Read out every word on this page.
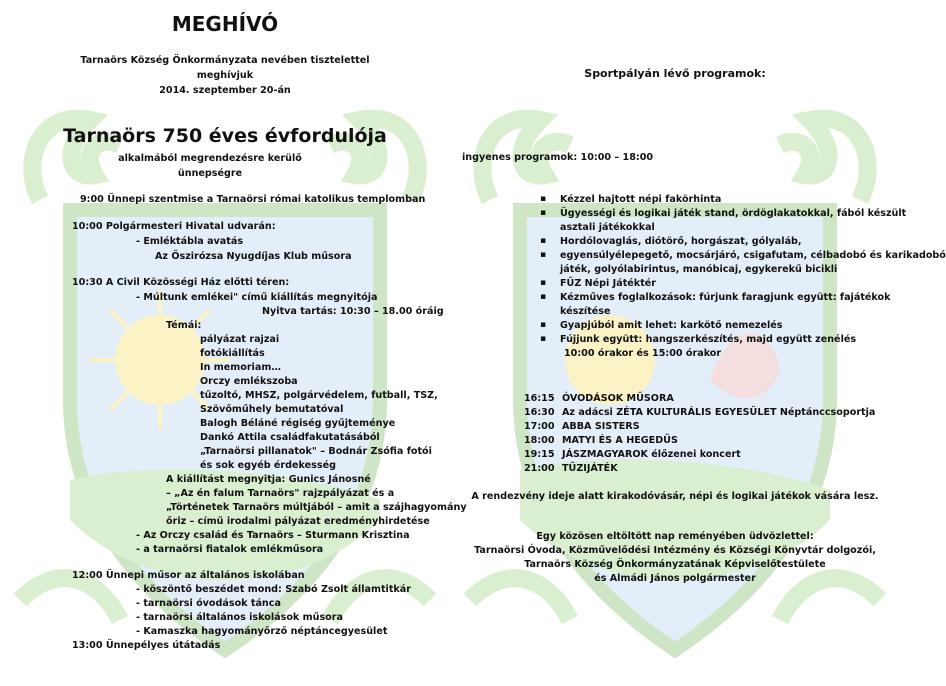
MEGHÍVÓ
Tarnaörs Község Önkormányzata nevében tisztelettel
meghívjuk
2014. szeptember 20-án
Tarnaörs 750 éves évfordulója
alkalmából megrendezésre kerülő
ünnepségre
9:00 Ünnepi szentmise a Tarnaörsi római katolikus templomban
10:00 Polgármesteri Hivatal udvarán:
- Emléktábla avatás
Az Őszirózsa Nyugdíjas Klub műsora
10:30 A Civil Közösségi Ház előtti téren:
- Múltunk emlékei" című kiállítás megnyitója
Nyitva tartás: 10:30 – 18.00 óráig
Témái:
pályázat rajzai
fotókiállítás
In memoriam…
Orczy emlékszoba
tűzoltó, MHSZ, polgárvédelem, futball, TSZ,
Szövőműhely bemutatóval
Balogh Béláné régiség gyűjteménye
Dankó Attila családfakutatásából
„Tarnaörsi pillanatok" – Bodnár Zsófia fotói
és sok egyéb érdekesség
A kiállítást megnyitja: Gunics Jánosné
– „Az én falum Tarnaörs" rajzpályázat és a
„Történetek Tarnaörs múltjából – amit a szájhagyomány
őriz – című irodalmi pályázat eredményhirdetése
- Az Orczy család és Tarnaörs – Sturmann Krisztina
- a tarnaörsi fiatalok emlékműsora
12:00 Ünnepi műsor az általános iskolában
- köszöntő beszédet mond: Szabó Zsolt államtitkár
- tarnaörsi óvodások tánca
- tarnaörsi általános iskolások műsora
- Kamaszka hagyományőrző néptáncegyesület
13:00 Ünnepélyes útátadás
Sportpályán lévő programok:
ingyenes programok: 10:00 – 18:00
▪ Kézzel hajtott népi fakörhinta
▪ Ügyességi és logikai játék stand, ördöglakatokkal, fából készült
asztali játékokkal
▪ Hordólovaglás, diótörő, horgászat, gólyaláb,
▪ egyensúlyélepegető, mocsárjáró, csigafutam, célbadobó és karikadobó
játék, golyólabirintus, manóbicaj, egykerekű bicikli
▪ FŰZ Népi Játéktér
▪ Kézműves foglalkozások: fúrjunk faragjunk együtt: fajátékok
készítése
▪ Gyapjúból amit lehet: karkötő nemezelés
▪ Fújjunk együtt: hangszerkészítés, majd együtt zenélés
10:00 órakor és 15:00 órakor
16:15 ÓVODÁSOK MŰSORA
16:30 Az adácsi ZÉTA KULTURÁLIS EGYESÜLET Néptánccsoportja
17:00 ABBA SISTERS
18:00 MATYI ÉS A HEGEDŰS
19:15 JÁSZMAGYAROK élőzenei koncert
21:00 TŰZIJÁTÉK
A rendezvény ideje alatt kirakodóvásár, népi és logikai játékok vására lesz.
Egy közösen eltöltött nap reményében üdvözlettel:
Tarnaörsi Óvoda, Közművelődési Intézmény és Községi Könyvtár dolgozói,
Tarnaörs Község Önkormányzatának Képviselőtestülete
és Almádi János polgármester
